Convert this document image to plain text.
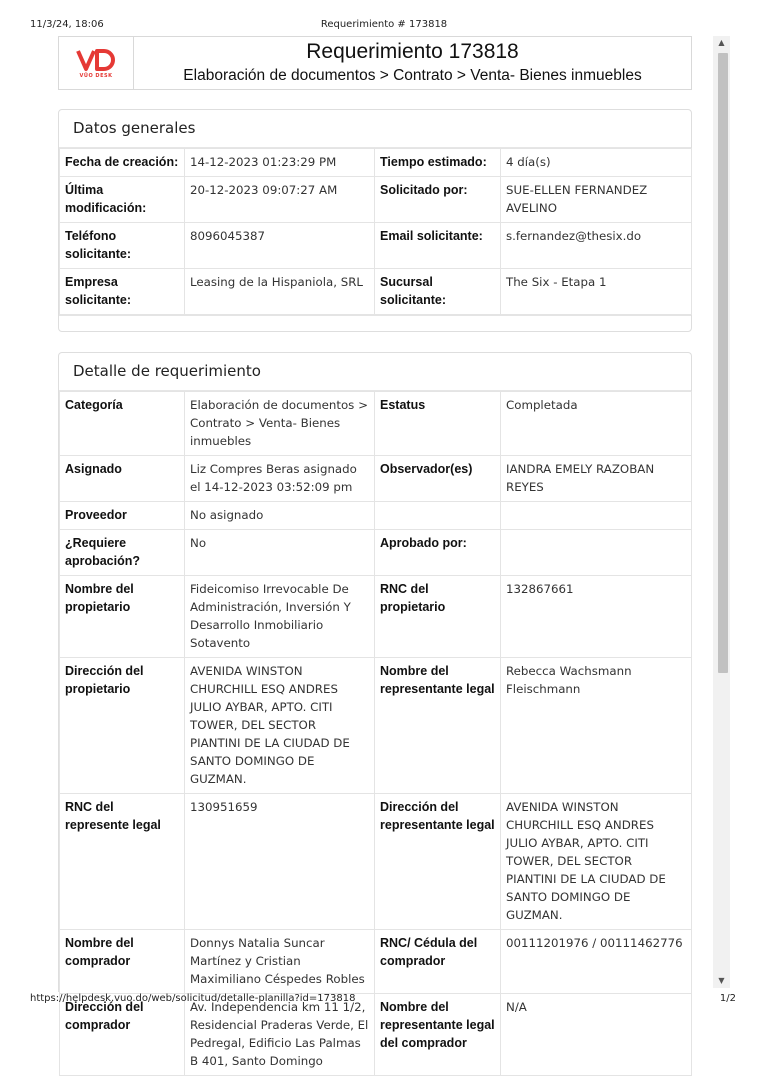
11/3/24, 18:06	Requerimiento # 173818
VŪO DESK
Requerimiento 173818
Elaboración de documentos > Contrato > Venta- Bienes inmuebles
Datos generales
Fecha de creación:	14-12-2023 01:23:29 PM	Tiempo estimado:	4 día(s)
Última modificación:	20-12-2023 09:07:27 AM	Solicitado por:	SUE-ELLEN FERNANDEZ AVELINO
Teléfono solicitante:	8096045387	Email solicitante:	s.fernandez@thesix.do
Empresa solicitante:	Leasing de la Hispaniola, SRL	Sucursal solicitante:	The Six - Etapa 1
Detalle de requerimiento
Categoría	Elaboración de documentos > Contrato > Venta- Bienes inmuebles	Estatus	Completada
Asignado	Liz Compres Beras asignado el 14-12-2023 03:52:09 pm	Observador(es)	IANDRA EMELY RAZOBAN REYES
Proveedor	No asignado		
¿Requiere aprobación?	No	Aprobado por:	
Nombre del propietario	Fideicomiso Irrevocable De Administración, Inversión Y Desarrollo Inmobiliario Sotavento	RNC del propietario	132867661
Dirección del propietario	AVENIDA WINSTON CHURCHILL ESQ ANDRES JULIO AYBAR, APTO. CITI TOWER, DEL SECTOR PIANTINI DE LA CIUDAD DE SANTO DOMINGO DE GUZMAN.	Nombre del representante legal	Rebecca Wachsmann Fleischmann
RNC del represente legal	130951659	Dirección del representante legal	AVENIDA WINSTON CHURCHILL ESQ ANDRES JULIO AYBAR, APTO. CITI TOWER, DEL SECTOR PIANTINI DE LA CIUDAD DE SANTO DOMINGO DE GUZMAN.
Nombre del comprador	Donnys Natalia Suncar Martínez y Cristian Maximiliano Céspedes Robles	RNC/ Cédula del comprador	00111201976 / 00111462776
Dirección del comprador	Av. Independencia km 11 1/2, Residencial Praderas Verde, El Pedregal, Edificio Las Palmas B 401, Santo Domingo	Nombre del representante legal del comprador	N/A
▲
▼
https://helpdesk.vuo.do/web/solicitud/detalle-planilla?id=173818	1/2
